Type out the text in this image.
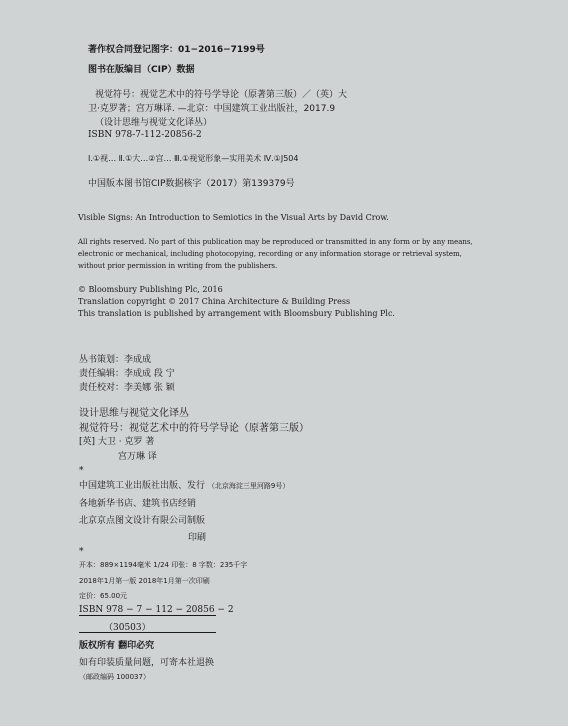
著作权合同登记图字：01−2016−7199号
图书在版编目（CIP）数据
视觉符号：视觉艺术中的符号学导论（原著第三版）／（英）大
卫·克罗著；宫万琳译. —北京：中国建筑工业出版社，2017.9
（设计思维与视觉文化译丛）
ISBN 978-7-112-20856-2
Ⅰ.①视… Ⅱ.①大…②宫… Ⅲ.①视觉形象—实用美术 Ⅳ.①J504
中国版本图书馆CIP数据核字（2017）第139379号
Visible Signs: An Introduction to Semiotics in the Visual Arts by David Crow.
All rights reserved. No part of this publication may be reproduced or transmitted in any form or by any means,
electronic or mechanical, including photocopying, recording or any information storage or retrieval system,
without prior permission in writing from the publishers.
© Bloomsbury Publishing Plc, 2016
Translation copyright © 2017 China Architecture & Building Press
This translation is published by arrangement with Bloomsbury Publishing Plc.
丛书策划：李成成
责任编辑：李成成 段 宁
责任校对：李美娜 张 颖
设计思维与视觉文化译丛
视觉符号：视觉艺术中的符号学导论（原著第三版）
[英] 大卫 · 克罗 著
宫万琳 译
*
中国建筑工业出版社出版、发行 （北京海淀三里河路9号）
各地新华书店、建筑书店经销
北京京点图文设计有限公司制版
印刷
*
开本：889×1194毫米 1/24 印张：8 字数：235千字
2018年1月第一版 2018年1月第一次印刷
定价：65.00元
ISBN 978 − 7 − 112 − 20856 − 2
（30503）
版权所有 翻印必究
如有印装质量问题，可寄本社退换
（邮政编码 100037）
